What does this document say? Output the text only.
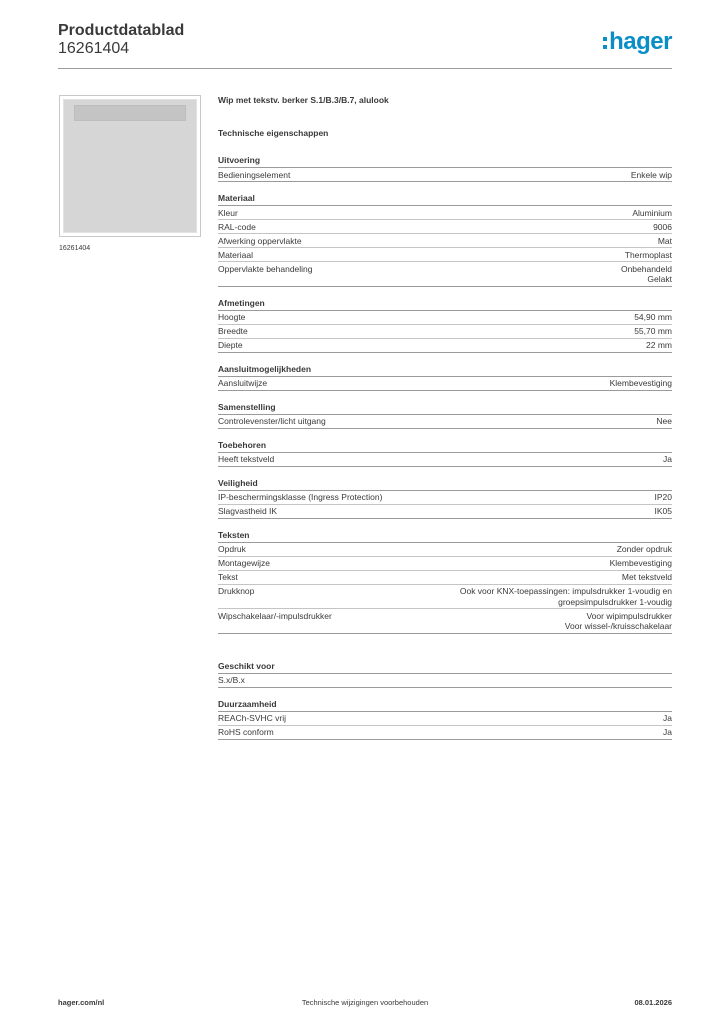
Productdatablad
16261404	hager
16261404
Wip met tekstv. berker S.1/B.3/B.7, alulook
Technische eigenschappen
Uitvoering
Bedieningselement	Enkele wip
Materiaal
Kleur	Aluminium
RAL-code	9006
Afwerking oppervlakte	Mat
Materiaal	Thermoplast
Oppervlakte behandeling	Onbehandeld
Gelakt
Afmetingen
Hoogte	54,90 mm
Breedte	55,70 mm
Diepte	22 mm
Aansluitmogelijkheden
Aansluitwijze	Klembevestiging
Samenstelling
Controlevenster/licht uitgang	Nee
Toebehoren
Heeft tekstveld	Ja
Veiligheid
IP-beschermingsklasse (Ingress Protection)	IP20
Slagvastheid IK	IK05
Teksten
Opdruk	Zonder opdruk
Montagewijze	Klembevestiging
Tekst	Met tekstveld
Drukknop	Ook voor KNX-toepassingen: impulsdrukker 1-voudig en
groepsimpulsdrukker 1-voudig
Wipschakelaar/-impulsdrukker	Voor wipimpulsdrukker
Voor wissel-/kruisschakelaar
Geschikt voor
S.x/B.x
Duurzaamheid
REACh-SVHC vrij	Ja
RoHS conform	Ja
hager.com/nl	Technische wijzigingen voorbehouden	08.01.2026
